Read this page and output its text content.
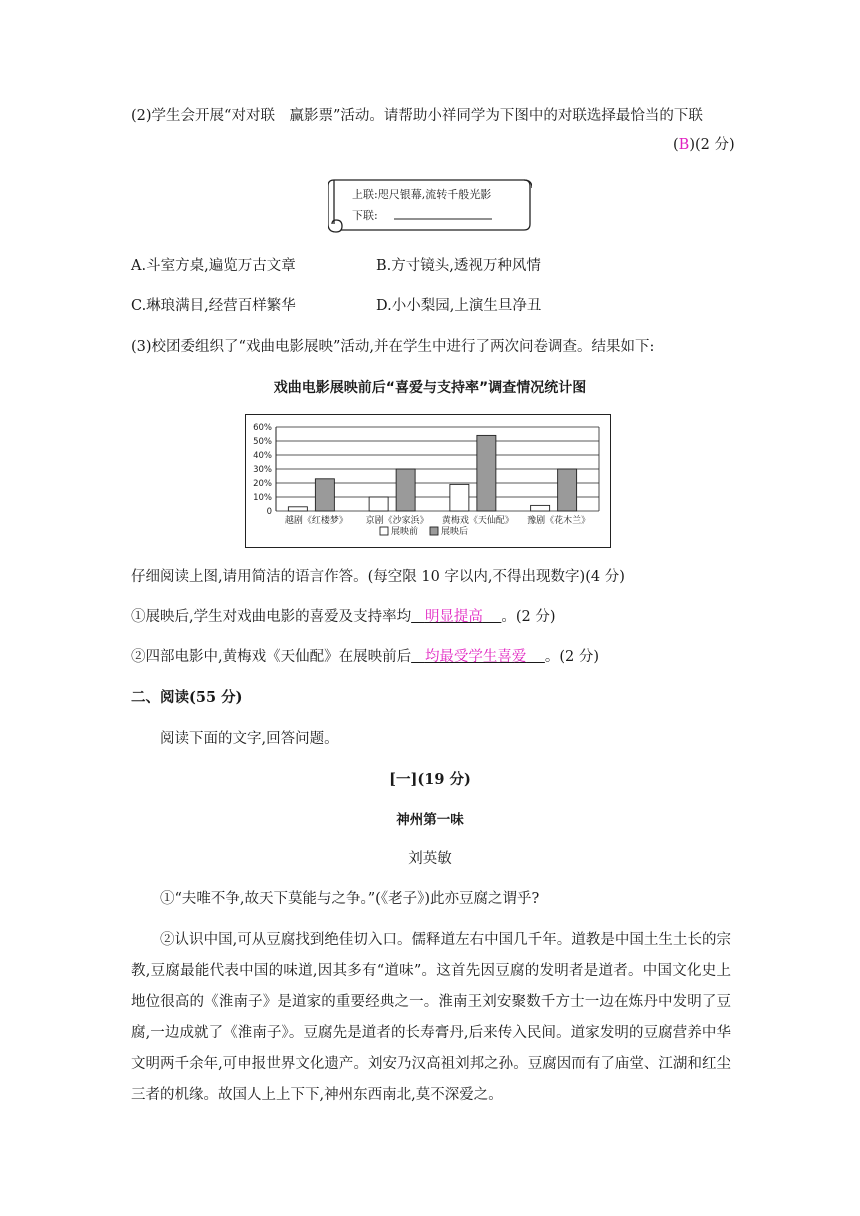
(2)学生会开展“对对联　赢影票”活动。请帮助小祥同学为下图中的对联选择最恰当的下联
(B)(2 分)
上联:咫尺银幕,流转千般光影
下联:
A.斗室方桌,遍览万古文章	B.方寸镜头,透视万种风情
C.琳琅满目,经营百样繁华	D.小小梨园,上演生旦净丑
(3)校团委组织了“戏曲电影展映”活动,并在学生中进行了两次问卷调查。结果如下:
戏曲电影展映前后“喜爱与支持率”调查情况统计图
60%
50%
40%
30%
20%
10%
0
越剧《红楼梦》 京剧《沙家浜》 黄梅戏《天仙配》 豫剧《花木兰》
展映前	展映后
仔细阅读上图,请用简洁的语言作答。(每空限 10 字以内,不得出现数字)(4 分)
①展映后,学生对戏曲电影的喜爱及支持率均 明显提高 。(2 分)
②四部电影中,黄梅戏《天仙配》在展映前后 均最受学生喜爱 。(2 分)
二、阅读(55 分)
阅读下面的文字,回答问题。
[一](19 分)
神州第一味
刘英敏
①“夫唯不争,故天下莫能与之争。”(《老子》)此亦豆腐之谓乎?
②认识中国,可从豆腐找到绝佳切入口。儒释道左右中国几千年。道教是中国土生土长的宗教,豆腐最能代表中国的味道,因其多有“道味”。这首先因豆腐的发明者是道者。中国文化史上地位很高的《淮南子》是道家的重要经典之一。淮南王刘安聚数千方士一边在炼丹中发明了豆腐,一边成就了《淮南子》。豆腐先是道者的长寿膏丹,后来传入民间。道家发明的豆腐营养中华文明两千余年,可申报世界文化遗产。刘安乃汉高祖刘邦之孙。豆腐因而有了庙堂、江湖和红尘三者的机缘。故国人上上下下,神州东西南北,莫不深爱之。
